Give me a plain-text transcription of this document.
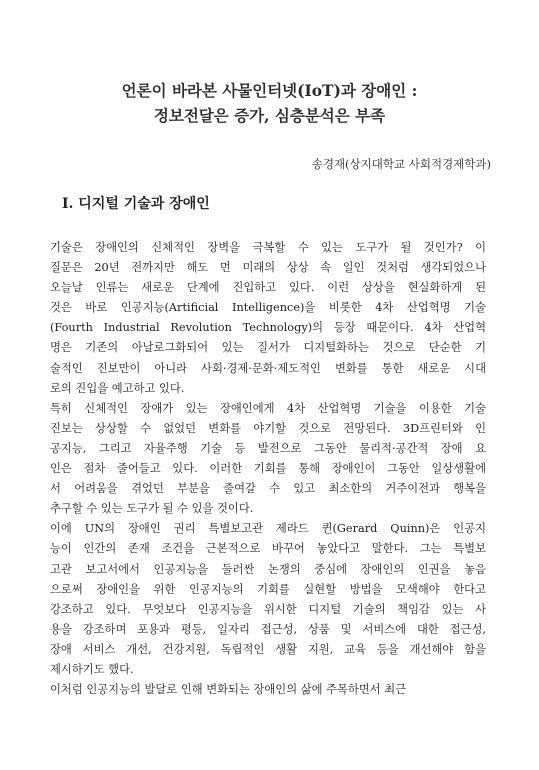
언론이 바라본 사물인터넷(IoT)과 장애인 :
정보전달은 증가, 심층분석은 부족
송경재(상지대학교 사회적경제학과)
Ⅰ. 디지털 기술과 장애인
기술은 장애인의 신체적인 장벽을 극복할 수 있는 도구가 될 것인가? 이
질문은 20년 전까지만 해도 먼 미래의 상상 속 일인 것처럼 생각되었으나
오늘날 인류는 새로운 단계에 진입하고 있다. 이런 상상을 현실화하게 된
것은 바로 인공지능(Artificial Intelligence)을 비롯한 4차 산업혁명 기술
(Fourth Industrial Revolution Technology)의 등장 때문이다. 4차 산업혁
명은 기존의 아날로그화되어 있는 질서가 디지털화하는 것으로 단순한 기
술적인 진보만이 아니라 사회·경제·문화·제도적인 변화를 통한 새로운 시대
로의 진입을 예고하고 있다.
특히 신체적인 장애가 있는 장애인에게 4차 산업혁명 기술을 이용한 기술
진보는 상상할 수 없었던 변화를 야기할 것으로 전망된다. 3D프린터와 인
공지능, 그리고 자율주행 기술 등 발전으로 그동안 물리적·공간적 장애 요
인은 점차 줄어들고 있다. 이러한 기회를 통해 장애인이 그동안 일상생활에
서 어려움을 겪었던 부분을 줄여갈 수 있고 최소한의 거주이전과 행복을
추구할 수 있는 도구가 될 수 있을 것이다.
이에 UN의 장애인 권리 특별보고관 제라드 퀸(Gerard Quinn)은 인공지
능이 인간의 존재 조건을 근본적으로 바꾸어 놓았다고 말한다. 그는 특별보
고관 보고서에서 인공지능을 둘러싼 논쟁의 중심에 장애인의 인권을 놓음
으로써 장애인을 위한 인공지능의 기회를 실현할 방법을 모색해야 한다고
강조하고 있다. 무엇보다 인공지능을 위시한 디지털 기술의 책임감 있는 사
용을 강조하며 포용과 평등, 일자리 접근성, 상품 및 서비스에 대한 접근성,
장애 서비스 개선, 건강지원, 독립적인 생활 지원, 교육 등을 개선해야 함을
제시하기도 했다.
이처럼 인공지능의 발달로 인해 변화되는 장애인의 삶에 주목하면서 최근
